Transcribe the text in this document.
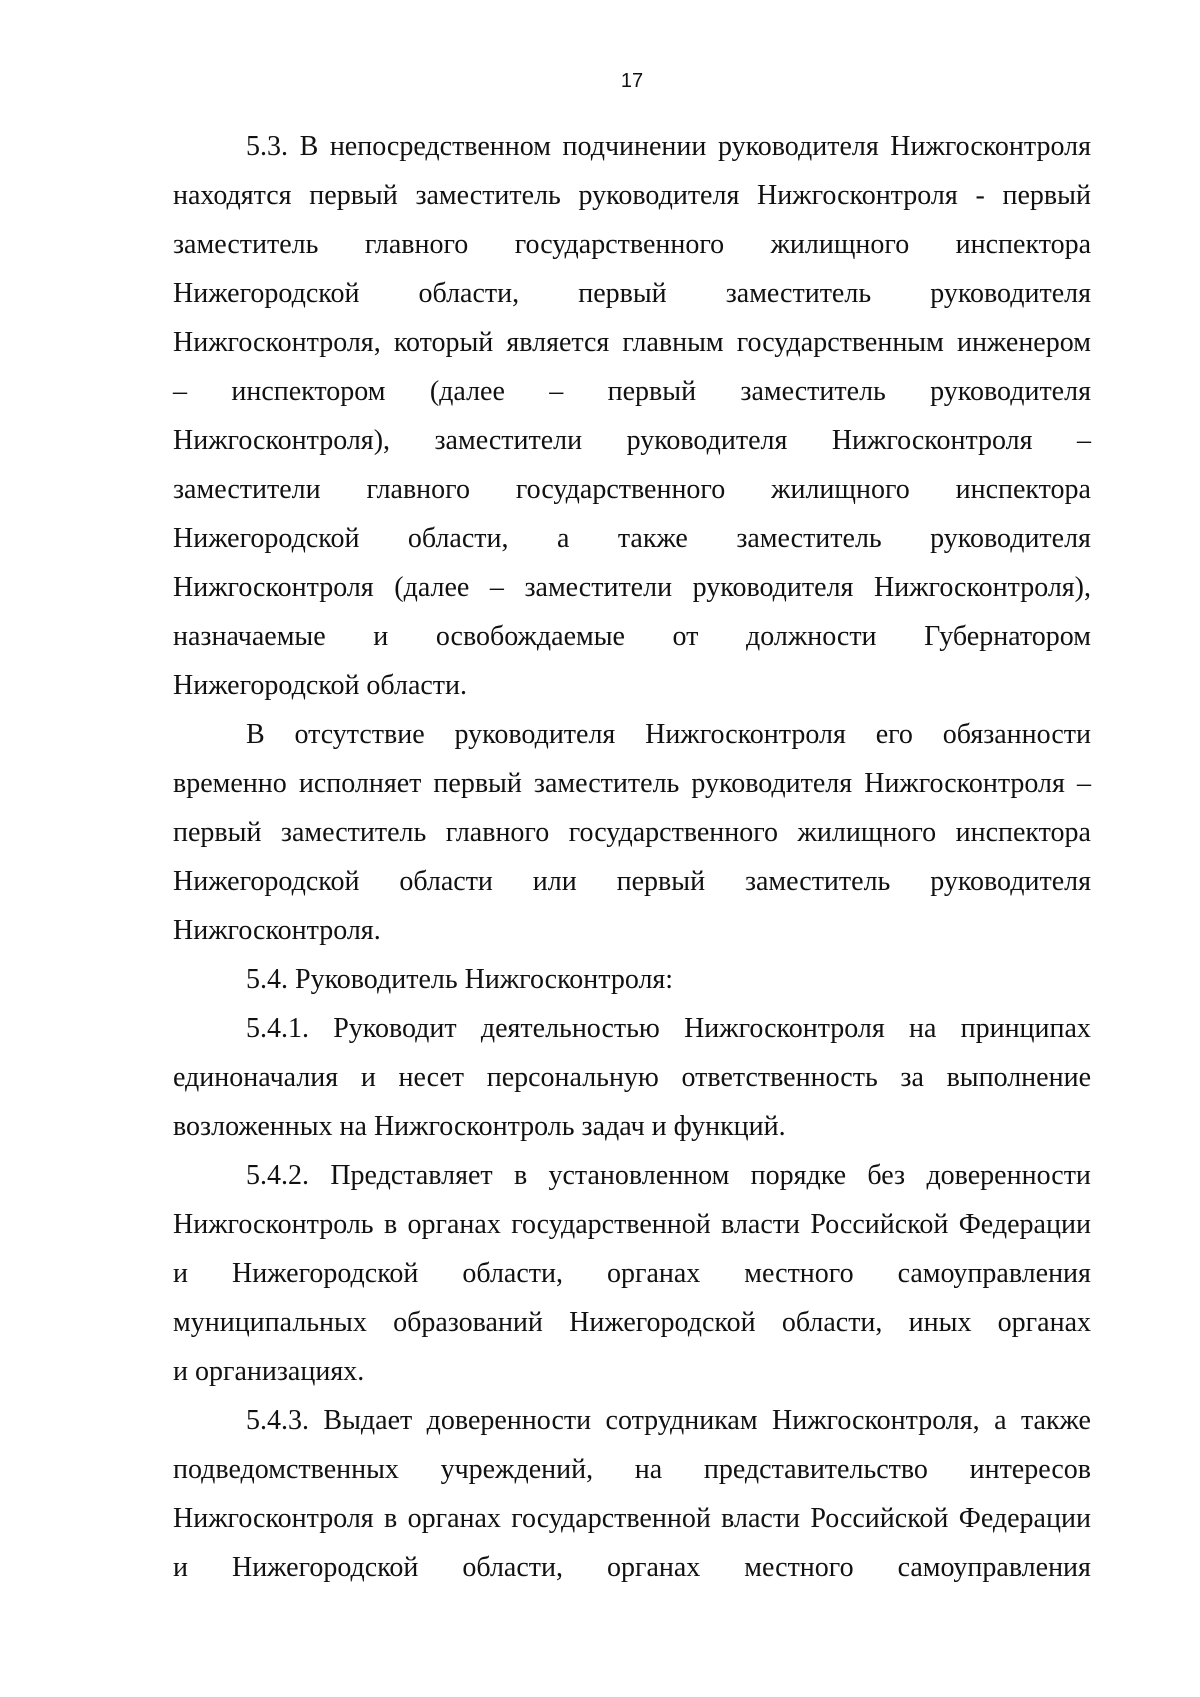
17
5.3. В непосредственном подчинении руководителя Нижгосконтроля
находятся первый заместитель руководителя Нижгосконтроля - первый
заместитель главного государственного жилищного инспектора
Нижегородской области, первый заместитель руководителя
Нижгосконтроля, который является главным государственным инженером
– инспектором (далее – первый заместитель руководителя
Нижгосконтроля), заместители руководителя Нижгосконтроля –
заместители главного государственного жилищного инспектора
Нижегородской области, а также заместитель руководителя
Нижгосконтроля (далее – заместители руководителя Нижгосконтроля),
назначаемые и освобождаемые от должности Губернатором
Нижегородской области.
В отсутствие руководителя Нижгосконтроля его обязанности
временно исполняет первый заместитель руководителя Нижгосконтроля –
первый заместитель главного государственного жилищного инспектора
Нижегородской области или первый заместитель руководителя
Нижгосконтроля.
5.4. Руководитель Нижгосконтроля:
5.4.1. Руководит деятельностью Нижгосконтроля на принципах
единоначалия и несет персональную ответственность за выполнение
возложенных на Нижгосконтроль задач и функций.
5.4.2. Представляет в установленном порядке без доверенности
Нижгосконтроль в органах государственной власти Российской Федерации
и Нижегородской области, органах местного самоуправления
муниципальных образований Нижегородской области, иных органах
и организациях.
5.4.3. Выдает доверенности сотрудникам Нижгосконтроля, а также
подведомственных учреждений, на представительство интересов
Нижгосконтроля в органах государственной власти Российской Федерации
и Нижегородской области, органах местного самоуправления
